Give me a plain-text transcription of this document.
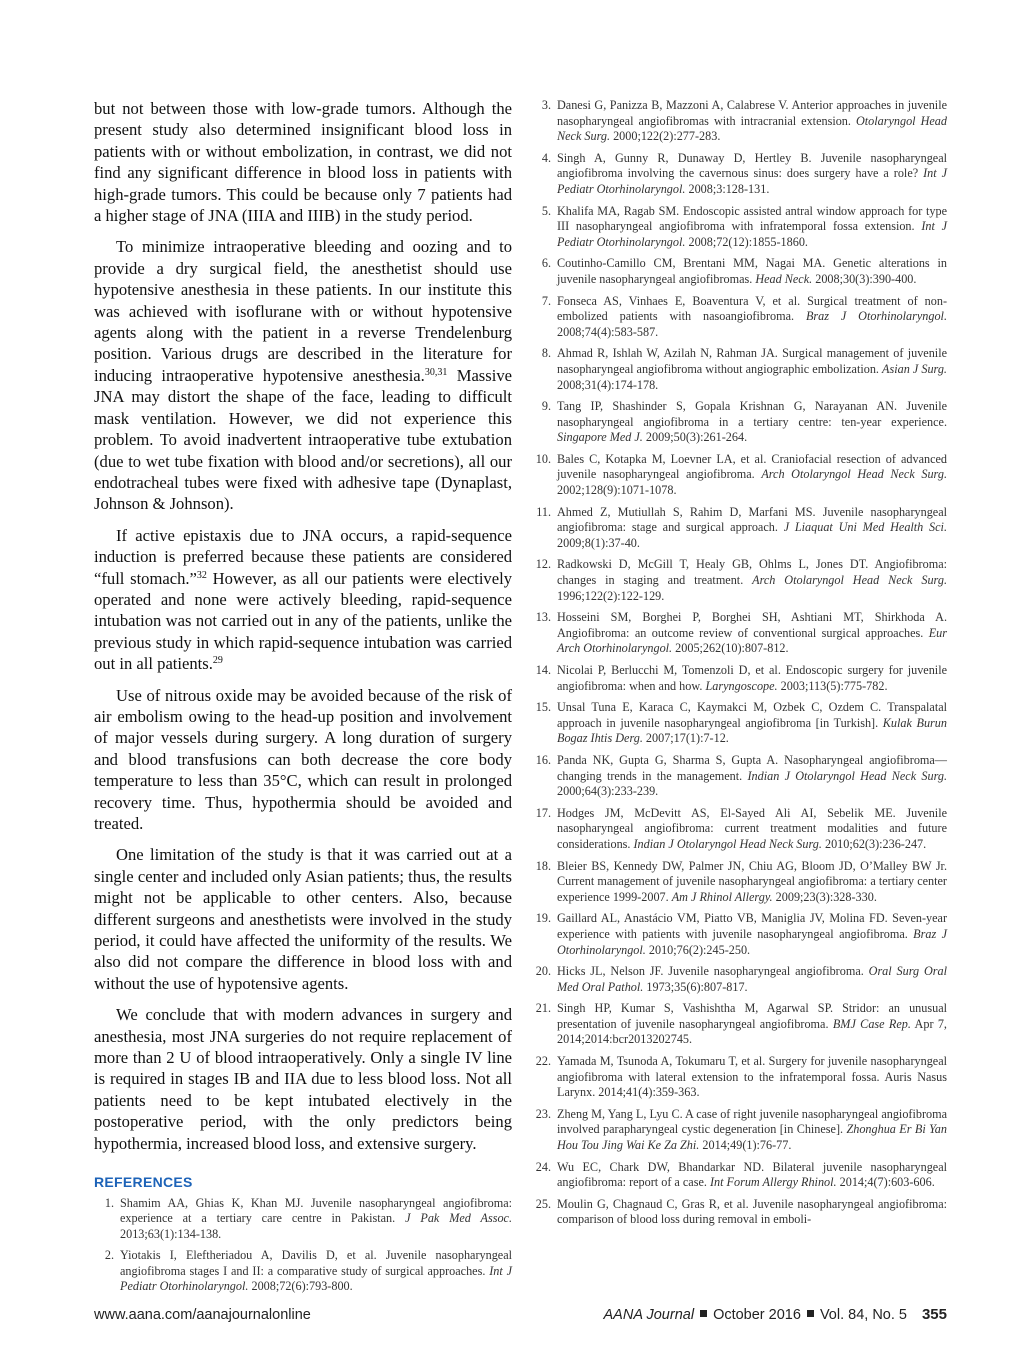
but not between those with low-grade tumors. Although the present study also determined insignificant blood loss in patients with or without embolization, in contrast, we did not find any significant difference in blood loss in patients with high-grade tumors. This could be because only 7 patients had a higher stage of JNA (IIIA and IIIB) in the study period.

To minimize intraoperative bleeding and oozing and to provide a dry surgical field, the anesthetist should use hypotensive anesthesia in these patients. In our institute this was achieved with isoflurane with or without hypotensive agents along with the patient in a reverse Trendelenburg position. Various drugs are described in the literature for inducing intraoperative hypotensive anesthesia.$^{30,31}$ Massive JNA may distort the shape of the face, leading to difficult mask ventilation. However, we did not experience this problem. To avoid inadvertent intraoperative tube extubation (due to wet tube fixation with blood and/or secretions), all our endotracheal tubes were fixed with adhesive tape (Dynaplast, Johnson & Johnson).

If active epistaxis due to JNA occurs, a rapid-sequence induction is preferred because these patients are considered “full stomach.”$^{32}$ However, as all our patients were electively operated and none were actively bleeding, rapid-sequence intubation was not carried out in any of the patients, unlike the previous study in which rapid-sequence intubation was carried out in all patients.$^{29}$

Use of nitrous oxide may be avoided because of the risk of air embolism owing to the head-up position and involvement of major vessels during surgery. A long duration of surgery and blood transfusions can both decrease the core body temperature to less than 35°C, which can result in prolonged recovery time. Thus, hypothermia should be avoided and treated.

One limitation of the study is that it was carried out at a single center and included only Asian patients; thus, the results might not be applicable to other centers. Also, because different surgeons and anesthetists were involved in the study period, it could have affected the uniformity of the results. We also did not compare the difference in blood loss with and without the use of hypotensive agents.

We conclude that with modern advances in surgery and anesthesia, most JNA surgeries do not require replacement of more than 2 U of blood intraoperatively. Only a single IV line is required in stages IB and IIA due to less blood loss. Not all patients need to be kept intubated electively in the postoperative period, with the only predictors being hypothermia, increased blood loss, and extensive surgery.

REFERENCES
1. Shamim AA, Ghias K, Khan MJ. Juvenile nasopharyngeal angiofibroma: experience at a tertiary care centre in Pakistan. J Pak Med Assoc. 2013;63(1):134-138.
2. Yiotakis I, Eleftheriadou A, Davilis D, et al. Juvenile nasopharyngeal angiofibroma stages I and II: a comparative study of surgical approaches. Int J Pediatr Otorhinolaryngol. 2008;72(6):793-800.
3. Danesi G, Panizza B, Mazzoni A, Calabrese V. Anterior approaches in juvenile nasopharyngeal angiofibromas with intracranial extension. Otolaryngol Head Neck Surg. 2000;122(2):277-283.
4. Singh A, Gunny R, Dunaway D, Hertley B. Juvenile nasopharyngeal angiofibroma involving the cavernous sinus: does surgery have a role? Int J Pediatr Otorhinolaryngol. 2008;3:128-131.
5. Khalifa MA, Ragab SM. Endoscopic assisted antral window approach for type III nasopharyngeal angiofibroma with infratemporal fossa extension. Int J Pediatr Otorhinolaryngol. 2008;72(12):1855-1860.
6. Coutinho-Camillo CM, Brentani MM, Nagai MA. Genetic alterations in juvenile nasopharyngeal angiofibromas. Head Neck. 2008;30(3):390-400.
7. Fonseca AS, Vinhaes E, Boaventura V, et al. Surgical treatment of non-embolized patients with nasoangiofibroma. Braz J Otorhinolaryngol. 2008;74(4):583-587.
8. Ahmad R, Ishlah W, Azilah N, Rahman JA. Surgical management of juvenile nasopharyngeal angiofibroma without angiographic embolization. Asian J Surg. 2008;31(4):174-178.
9. Tang IP, Shashinder S, Gopala Krishnan G, Narayanan AN. Juvenile nasopharyngeal angiofibroma in a tertiary centre: ten-year experience. Singapore Med J. 2009;50(3):261-264.
10. Bales C, Kotapka M, Loevner LA, et al. Craniofacial resection of advanced juvenile nasopharyngeal angiofibroma. Arch Otolaryngol Head Neck Surg. 2002;128(9):1071-1078.
11. Ahmed Z, Mutiullah S, Rahim D, Marfani MS. Juvenile nasopharyngeal angiofibroma: stage and surgical approach. J Liaquat Uni Med Health Sci. 2009;8(1):37-40.
12. Radkowski D, McGill T, Healy GB, Ohlms L, Jones DT. Angiofibroma: changes in staging and treatment. Arch Otolaryngol Head Neck Surg. 1996;122(2):122-129.
13. Hosseini SM, Borghei P, Borghei SH, Ashtiani MT, Shirkhoda A. Angiofibroma: an outcome review of conventional surgical approaches. Eur Arch Otorhinolaryngol. 2005;262(10):807-812.
14. Nicolai P, Berlucchi M, Tomenzoli D, et al. Endoscopic surgery for juvenile angiofibroma: when and how. Laryngoscope. 2003;113(5):775-782.
15. Unsal Tuna E, Karaca C, Kaymakci M, Ozbek C, Ozdem C. Transpalatal approach in juvenile nasopharyngeal angiofibroma [in Turkish]. Kulak Burun Bogaz Ihtis Derg. 2007;17(1):7-12.
16. Panda NK, Gupta G, Sharma S, Gupta A. Nasopharyngeal angiofibroma—changing trends in the management. Indian J Otolaryngol Head Neck Surg. 2000;64(3):233-239.
17. Hodges JM, McDevitt AS, El-Sayed Ali AI, Sebelik ME. Juvenile nasopharyngeal angiofibroma: current treatment modalities and future considerations. Indian J Otolaryngol Head Neck Surg. 2010;62(3):236-247.
18. Bleier BS, Kennedy DW, Palmer JN, Chiu AG, Bloom JD, O’Malley BW Jr. Current management of juvenile nasopharyngeal angiofibroma: a tertiary center experience 1999-2007. Am J Rhinol Allergy. 2009;23(3):328-330.
19. Gaillard AL, Anastácio VM, Piatto VB, Maniglia JV, Molina FD. Seven-year experience with patients with juvenile nasopharyngeal angiofibroma. Braz J Otorhinolaryngol. 2010;76(2):245-250.
20. Hicks JL, Nelson JF. Juvenile nasopharyngeal angiofibroma. Oral Surg Oral Med Oral Pathol. 1973;35(6):807-817.
21. Singh HP, Kumar S, Vashishtha M, Agarwal SP. Stridor: an unusual presentation of juvenile nasopharyngeal angiofibroma. BMJ Case Rep. Apr 7, 2014;2014:bcr2013202745.
22. Yamada M, Tsunoda A, Tokumaru T, et al. Surgery for juvenile nasopharyngeal angiofibroma with lateral extension to the infratemporal fossa. Auris Nasus Larynx. 2014;41(4):359-363.
23. Zheng M, Yang L, Lyu C. A case of right juvenile nasopharyngeal angiofibroma involved parapharyngeal cystic degeneration [in Chinese]. Zhonghua Er Bi Yan Hou Tou Jing Wai Ke Za Zhi. 2014;49(1):76-77.
24. Wu EC, Chark DW, Bhandarkar ND. Bilateral juvenile nasopharyngeal angiofibroma: report of a case. Int Forum Allergy Rhinol. 2014;4(7):603-606.
25. Moulin G, Chagnaud C, Gras R, et al. Juvenile nasopharyngeal angiofibroma: comparison of blood loss during removal in emboli-
www.aana.com/aanajournalonline	AANA Journal October 2016 Vol. 84, No. 5 355
